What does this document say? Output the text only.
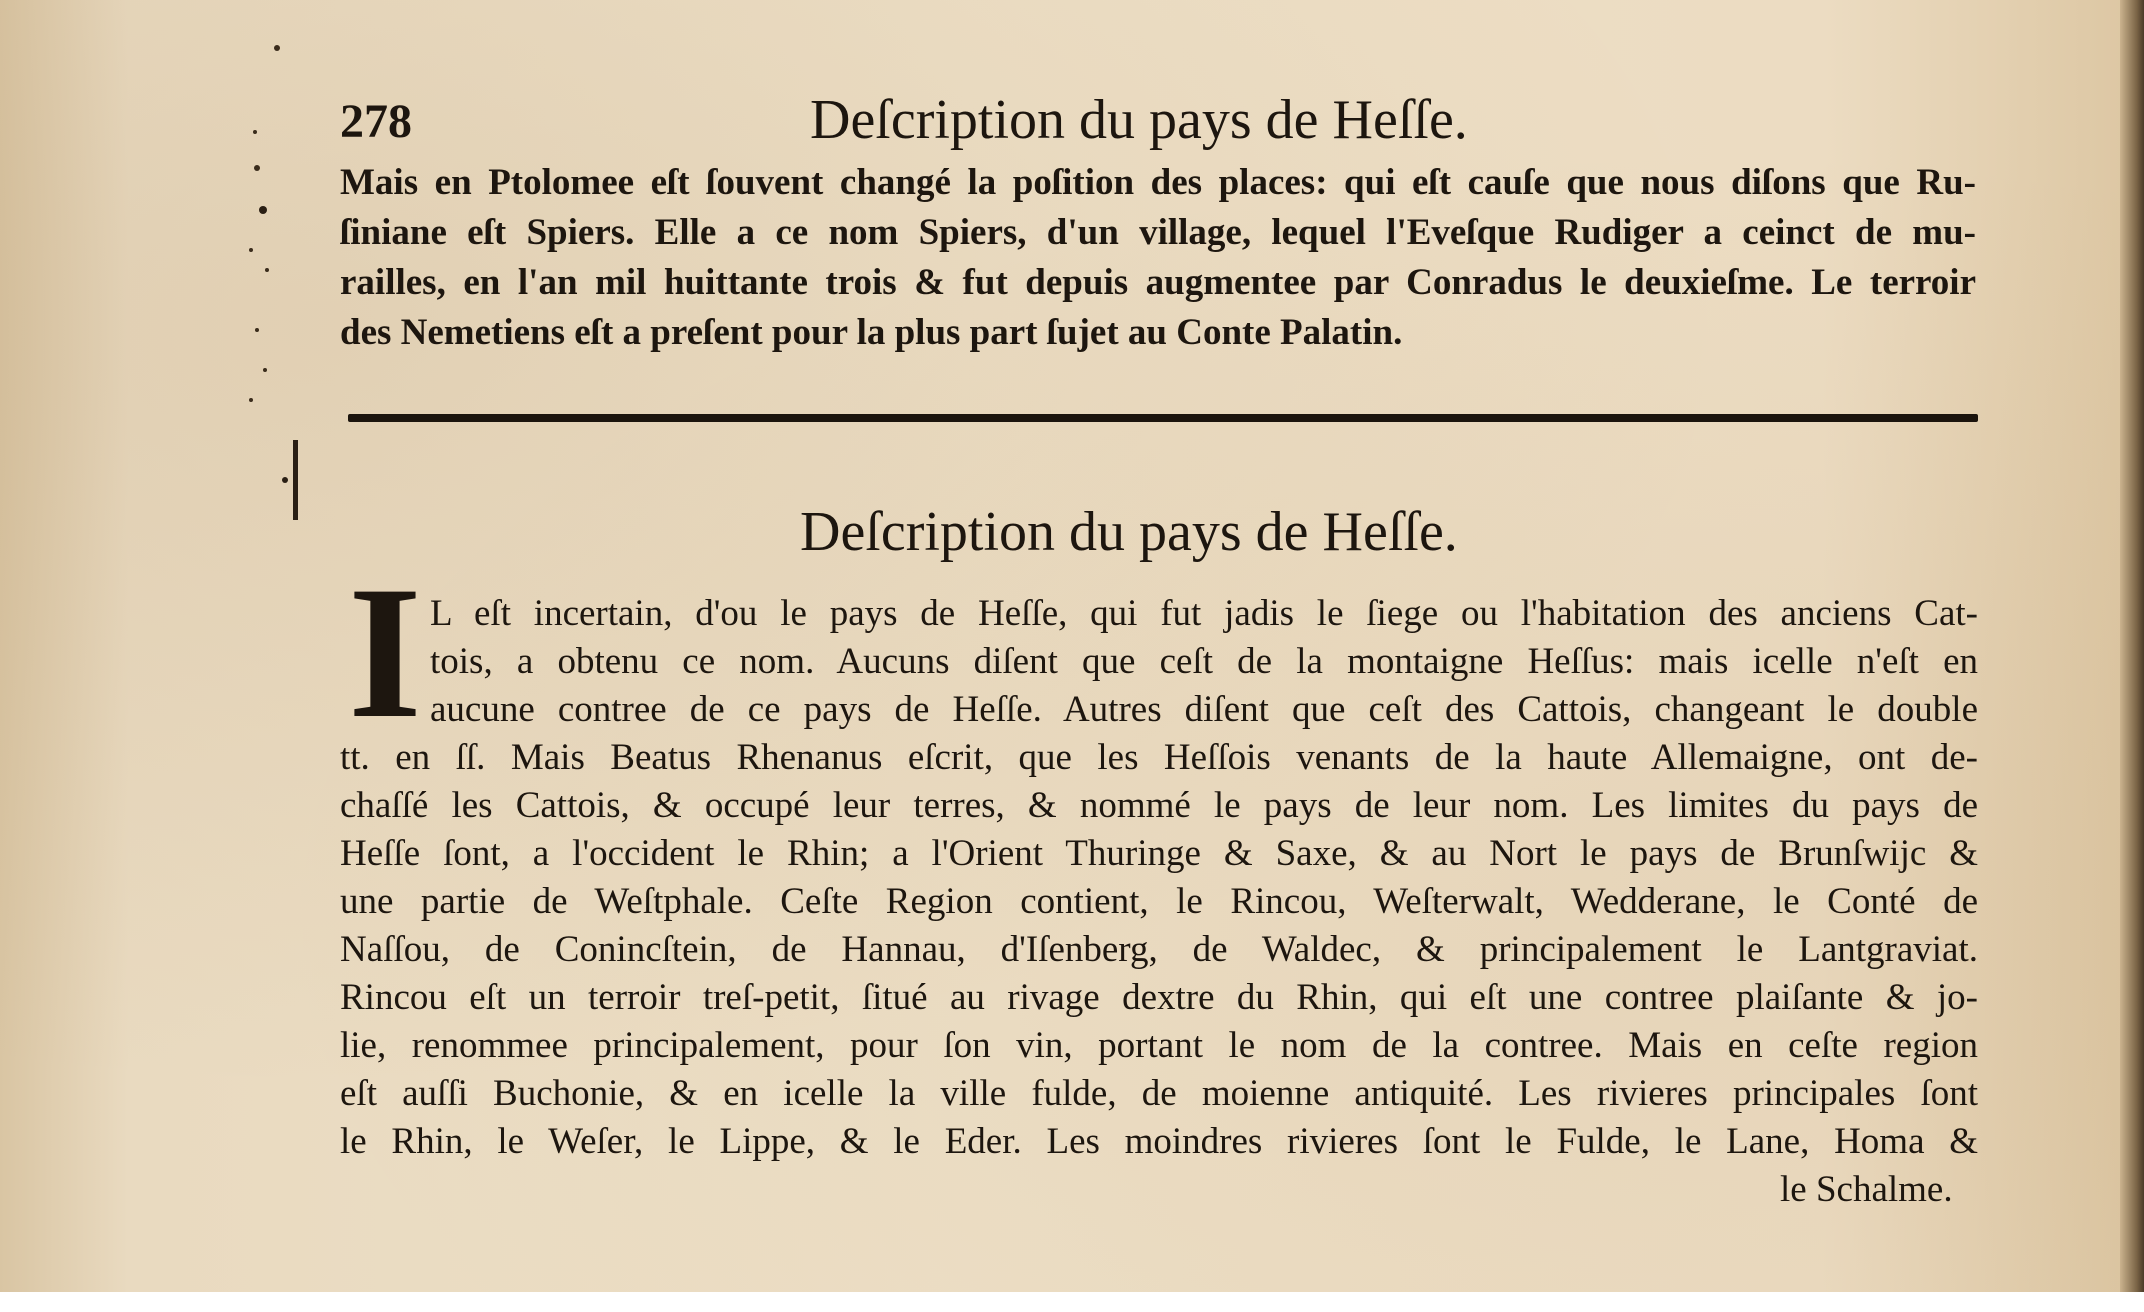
278	Deſcription du pays de Heſſe.
Mais en Ptolomee eſt ſouvent changé la poſition des places: qui eſt cauſe que nous diſons que Ru-
ſiniane eſt Spiers. Elle a ce nom Spiers, d'un village, lequel l'Eveſque Rudiger a ceinct de mu-
railles, en l'an mil huittante trois & fut depuis augmentee par Conradus le deuxieſme. Le terroir
des Nemetiens eſt a preſent pour la plus part ſujet au Conte Palatin.
Deſcription du pays de Heſſe.
I L eſt incertain, d'ou le pays de Heſſe, qui fut jadis le ſiege ou l'habitation des anciens Cat-
tois, a obtenu ce nom. Aucuns diſent que ceſt de la montaigne Heſſus: mais icelle n'eſt en
aucune contree de ce pays de Heſſe. Autres diſent que ceſt des Cattois, changeant le double
tt. en ſſ. Mais Beatus Rhenanus eſcrit, que les Heſſois venants de la haute Allemaigne, ont de-
chaſſé les Cattois, & occupé leur terres, & nommé le pays de leur nom. Les limites du pays de
Heſſe ſont, a l'occident le Rhin; a l'Orient Thuringe & Saxe, & au Nort le pays de Brunſwijc &
une partie de Weſtphale. Ceſte Region contient, le Rincou, Weſterwalt, Wedderane, le Conté de
Naſſou, de Conincſtein, de Hannau, d'Iſenberg, de Waldec, & principalement le Lantgraviat.
Rincou eſt un terroir treſ-petit, ſitué au rivage dextre du Rhin, qui eſt une contree plaiſante & jo-
lie, renommee principalement, pour ſon vin, portant le nom de la contree. Mais en ceſte region
eſt auſſi Buchonie, & en icelle la ville fulde, de moienne antiquité. Les rivieres principales ſont
le Rhin, le Weſer, le Lippe, & le Eder. Les moindres rivieres ſont le Fulde, le Lane, Homa &
le Schalme.
